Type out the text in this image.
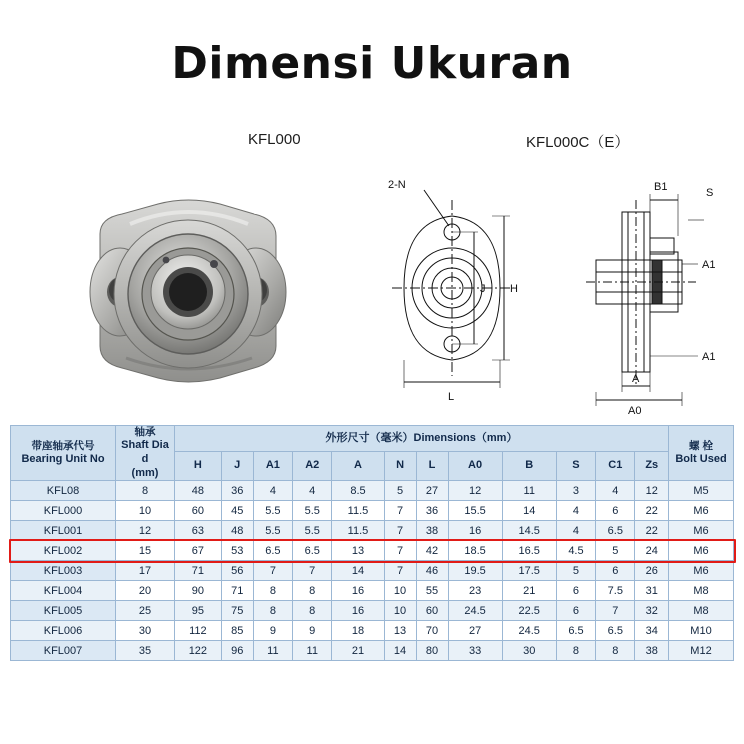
Dimensi Ukuran
KFL000	KFL000C（E）
2-N
J H
L
B1	S
A1
A1
A
A0
带座轴承代号
Bearing Unit No

轴承
Shaft Dia
d
(mm)
	外形尺寸（毫米）Dimensions（mm）	
螺 栓
Bolt Used

		H	J	A1	A2	A	N	L	A0	B	S	C1	Zs	
KFL08	8	48	36	4	4	8.5	5	27	12	11	3	4	12	M5
KFL000	10	60	45	5.5	5.5	11.5	7	36	15.5	14	4	6	22	M6
KFL001	12	63	48	5.5	5.5	11.5	7	38	16	14.5	4	6.5	22	M6
KFL002	15	67	53	6.5	6.5	13	7	42	18.5	16.5	4.5	5	24	M6
KFL003	17	71	56	7	7	14	7	46	19.5	17.5	5	6	26	M6
KFL004	20	90	71	8	8	16	10	55	23	21	6	7.5	31	M8
KFL005	25	95	75	8	8	16	10	60	24.5	22.5	6	7	32	M8
KFL006	30	112	85	9	9	18	13	70	27	24.5	6.5	6.5	34	M10
KFL007	35	122	96	11	11	21	14	80	33	30	8	8	38	M12
